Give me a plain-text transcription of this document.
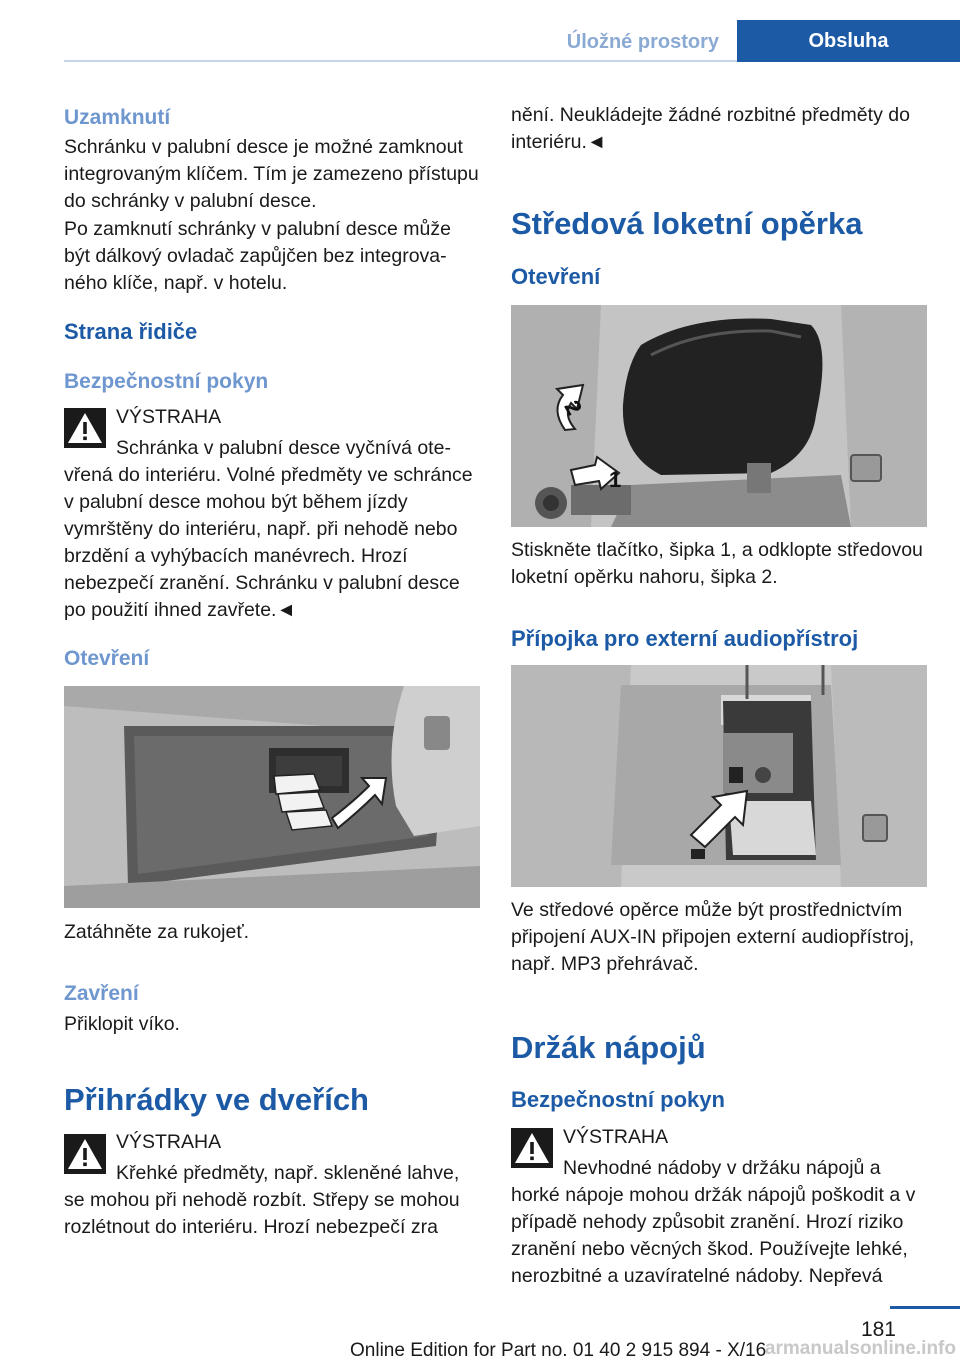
Úložné prostory	Obsluha
Uzamknutí

Schránku v palubní desce je možné zamknout integrovaným klíčem. Tím je zamezeno přístupu do schránky v palubní desce.

Po zamknutí schránky v palubní desce může být dálkový ovladač zapůjčen bez integrovaného klíče, např. v hotelu.

Strana řidiče
Bezpečnostní pokyn
VÝSTRAHA

Schránka v palubní desce vyčnívá otevřená do interiéru. Volné předměty ve schránce v palubní desce mohou být během jízdy vymrštěny do interiéru, např. při nehodě nebo brzdění a vyhýbacích manévrech. Hrozí nebezpečí zranění. Schránku v palubní desce po použití ihned zavřete.◄

Otevření

Zatáhněte za rukojeť.

Zavření

Přiklopit víko.

Přihrádky ve dveřích
VÝSTRAHA

Křehké předměty, např. skleněné lahve, se mohou při nehodě rozbít. Střepy se mohou rozlétnout do interiéru. Hrozí nebezpečí zra

nění. Neukládejte žádné rozbitné předměty do interiéru.◄

Středová loketní opěrka
Otevření
2
1

Stiskněte tlačítko, šipka 1, a odklopte středovou loketní opěrku nahoru, šipka 2.

Přípojka pro externí audiopřístroj

Ve středové opěrce může být prostřednictvím připojení AUX-IN připojen externí audiopřístroj, např. MP3 přehrávač.

Držák nápojů
Bezpečnostní pokyn
VÝSTRAHA

Nevhodné nádoby v držáku nápojů a horké nápoje mohou držák nápojů poškodit a v případě nehody způsobit zranění. Hrozí riziko zranění nebo věcných škod. Používejte lehké, nerozbitné a uzavíratelné nádoby. Nepřevá

181
Online Edition for Part no. 01 40 2 915 894 - X/16
armanualsonline.info
